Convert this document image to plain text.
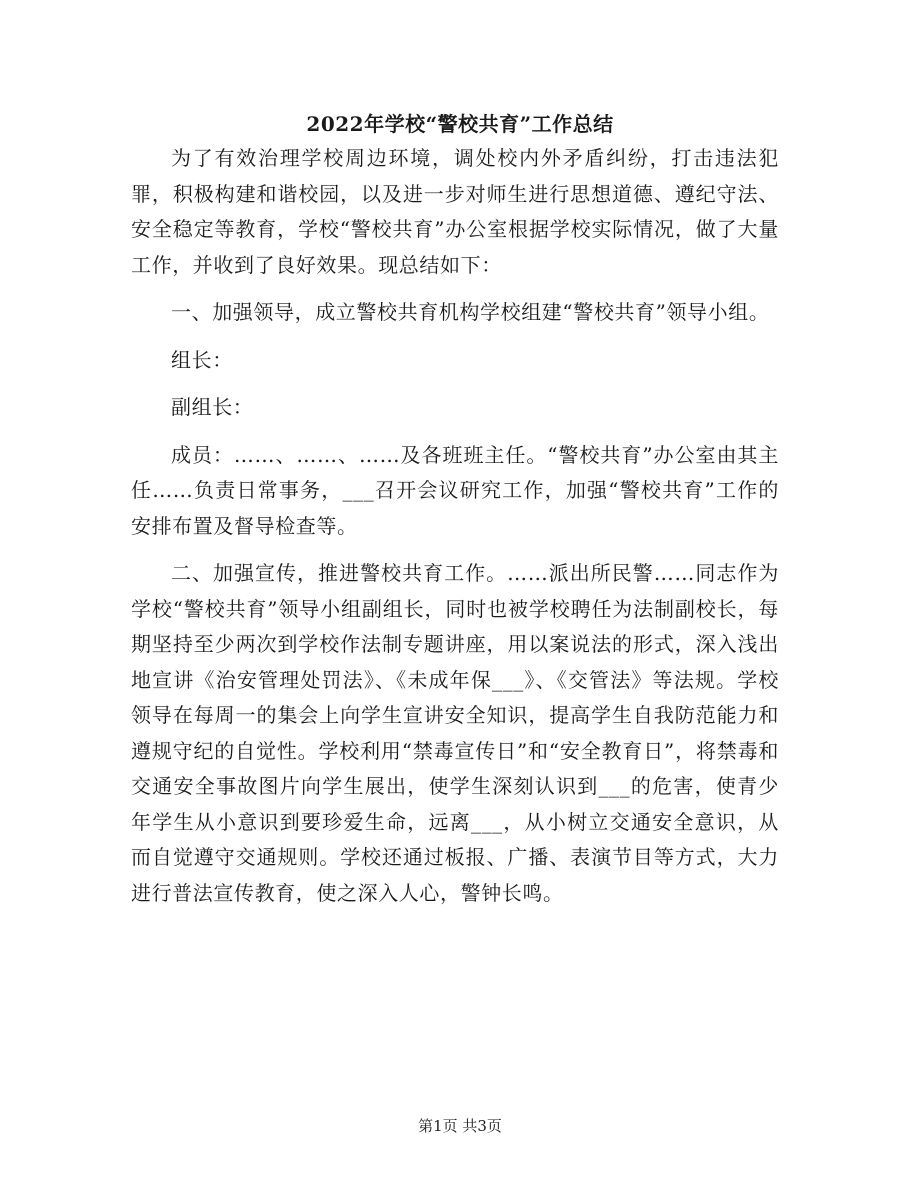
2022年学校“警校共育”工作总结

为了有效治理学校周边环境，调处校内外矛盾纠纷，打击违法犯罪，积极构建和谐校园，以及进一步对师生进行思想道德、遵纪守法、安全稳定等教育，学校“警校共育”办公室根据学校实际情况，做了大量工作，并收到了良好效果。现总结如下：

一、加强领导，成立警校共育机构学校组建“警校共育”领导小组。

组长：

副组长：

成员：……、……、……及各班班主任。“警校共育”办公室由其主任……负责日常事务，___召开会议研究工作，加强“警校共育”工作的安排布置及督导检查等。

二、加强宣传，推进警校共育工作。……派出所民警……同志作为学校“警校共育”领导小组副组长，同时也被学校聘任为法制副校长，每期坚持至少两次到学校作法制专题讲座，用以案说法的形式，深入浅出地宣讲《治安管理处罚法》、《未成年保___》、《交管法》等法规。学校领导在每周一的集会上向学生宣讲安全知识，提高学生自我防范能力和遵规守纪的自觉性。学校利用“禁毒宣传日”和“安全教育日”，将禁毒和交通安全事故图片向学生展出，使学生深刻认识到___的危害，使青少年学生从小意识到要珍爱生命，远离___，从小树立交通安全意识，从而自觉遵守交通规则。学校还通过板报、广播、表演节目等方式，大力进行普法宣传教育，使之深入人心，警钟长鸣。

第1页 共3页
